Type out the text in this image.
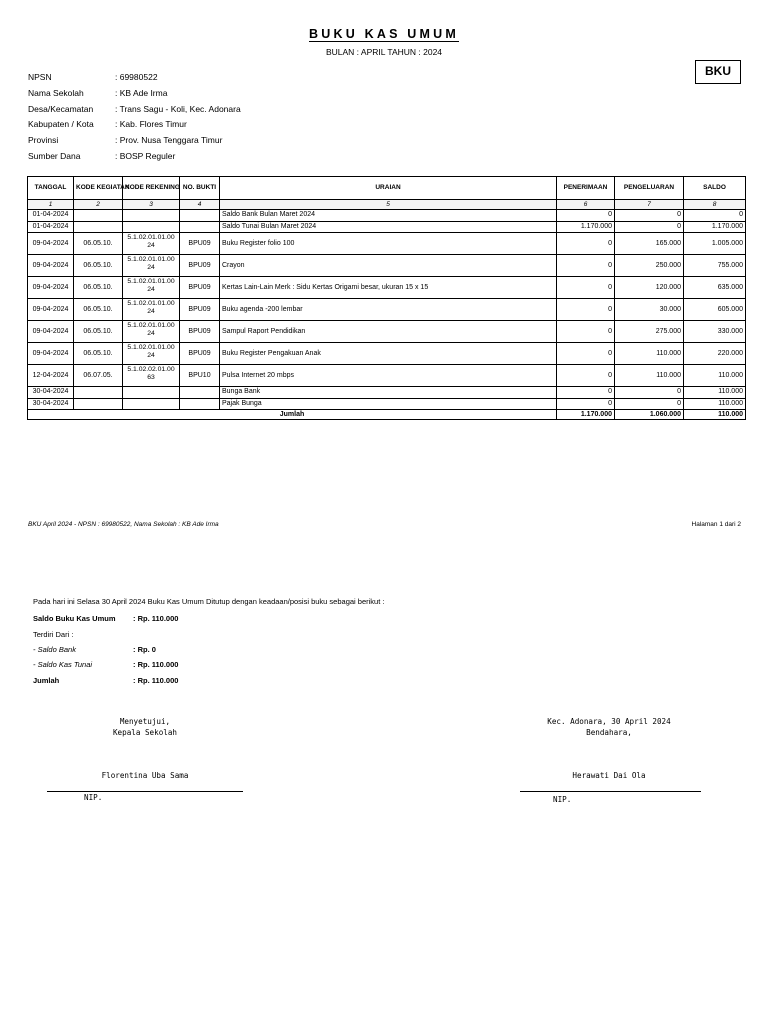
BUKU KAS UMUM
BULAN : APRIL TAHUN : 2024
BKU
NPSN	: 69980522
Nama Sekolah	: KB Ade Irma
Desa/Kecamatan	: Trans Sagu - Koli, Kec. Adonara
Kabupaten / Kota	: Kab. Flores Timur
Provinsi	: Prov. Nusa Tenggara Timur
Sumber Dana	: BOSP Reguler
TANGGAL	KODE KEGIATAN	KODE REKENING	NO. BUKTI	URAIAN	PENERIMAAN	PENGELUARAN	SALDO
1	2	3	4	5	6	7	8
01-04-2024				Saldo Bank Bulan Maret 2024	0	0	0
01-04-2024				Saldo Tunai Bulan Maret 2024	1.170.000	0	1.170.000
09-04-2024	06.05.10.	5.1.02.01.01.00 24	BPU09	Buku Register folio 100	0	165.000	1.005.000
09-04-2024	06.05.10.	5.1.02.01.01.00 24	BPU09	Crayon	0	250.000	755.000
09-04-2024	06.05.10.	5.1.02.01.01.00 24	BPU09	Kertas Lain-Lain Merk : Sidu Kertas Origami besar, ukuran 15 x 15	0	120.000	635.000
09-04-2024	06.05.10.	5.1.02.01.01.00 24	BPU09	Buku agenda -200 lembar	0	30.000	605.000
09-04-2024	06.05.10.	5.1.02.01.01.00 24	BPU09	Sampul Raport Pendidikan	0	275.000	330.000
09-04-2024	06.05.10.	5.1.02.01.01.00 24	BPU09	Buku Register Pengakuan Anak	0	110.000	220.000
12-04-2024	06.07.05.	5.1.02.02.01.00 63	BPU10	Pulsa Internet 20 mbps	0	110.000	110.000
30-04-2024				Bunga Bank	0	0	110.000
30-04-2024				Pajak Bunga	0	0	110.000
Jumlah					1.170.000	1.060.000	110.000
BKU April 2024 - NPSN : 69980522, Nama Sekolah : KB Ade Irma	Halaman 1 dari 2
Pada hari ini Selasa 30 April 2024 Buku Kas Umum Ditutup dengan keadaan/posisi buku sebagai berikut :
Saldo Buku Kas Umum : Rp. 110.000
Terdiri Dari :
- Saldo Bank	: Rp. 0
- Saldo Kas Tunai	: Rp. 110.000
Jumlah	: Rp. 110.000
Menyetujui,
Kepala Sekolah
Kec. Adonara, 30 April 2024
Bendahara,
Florentina Uba Sama	Herawati Dai Ola
NIP.	NIP.
